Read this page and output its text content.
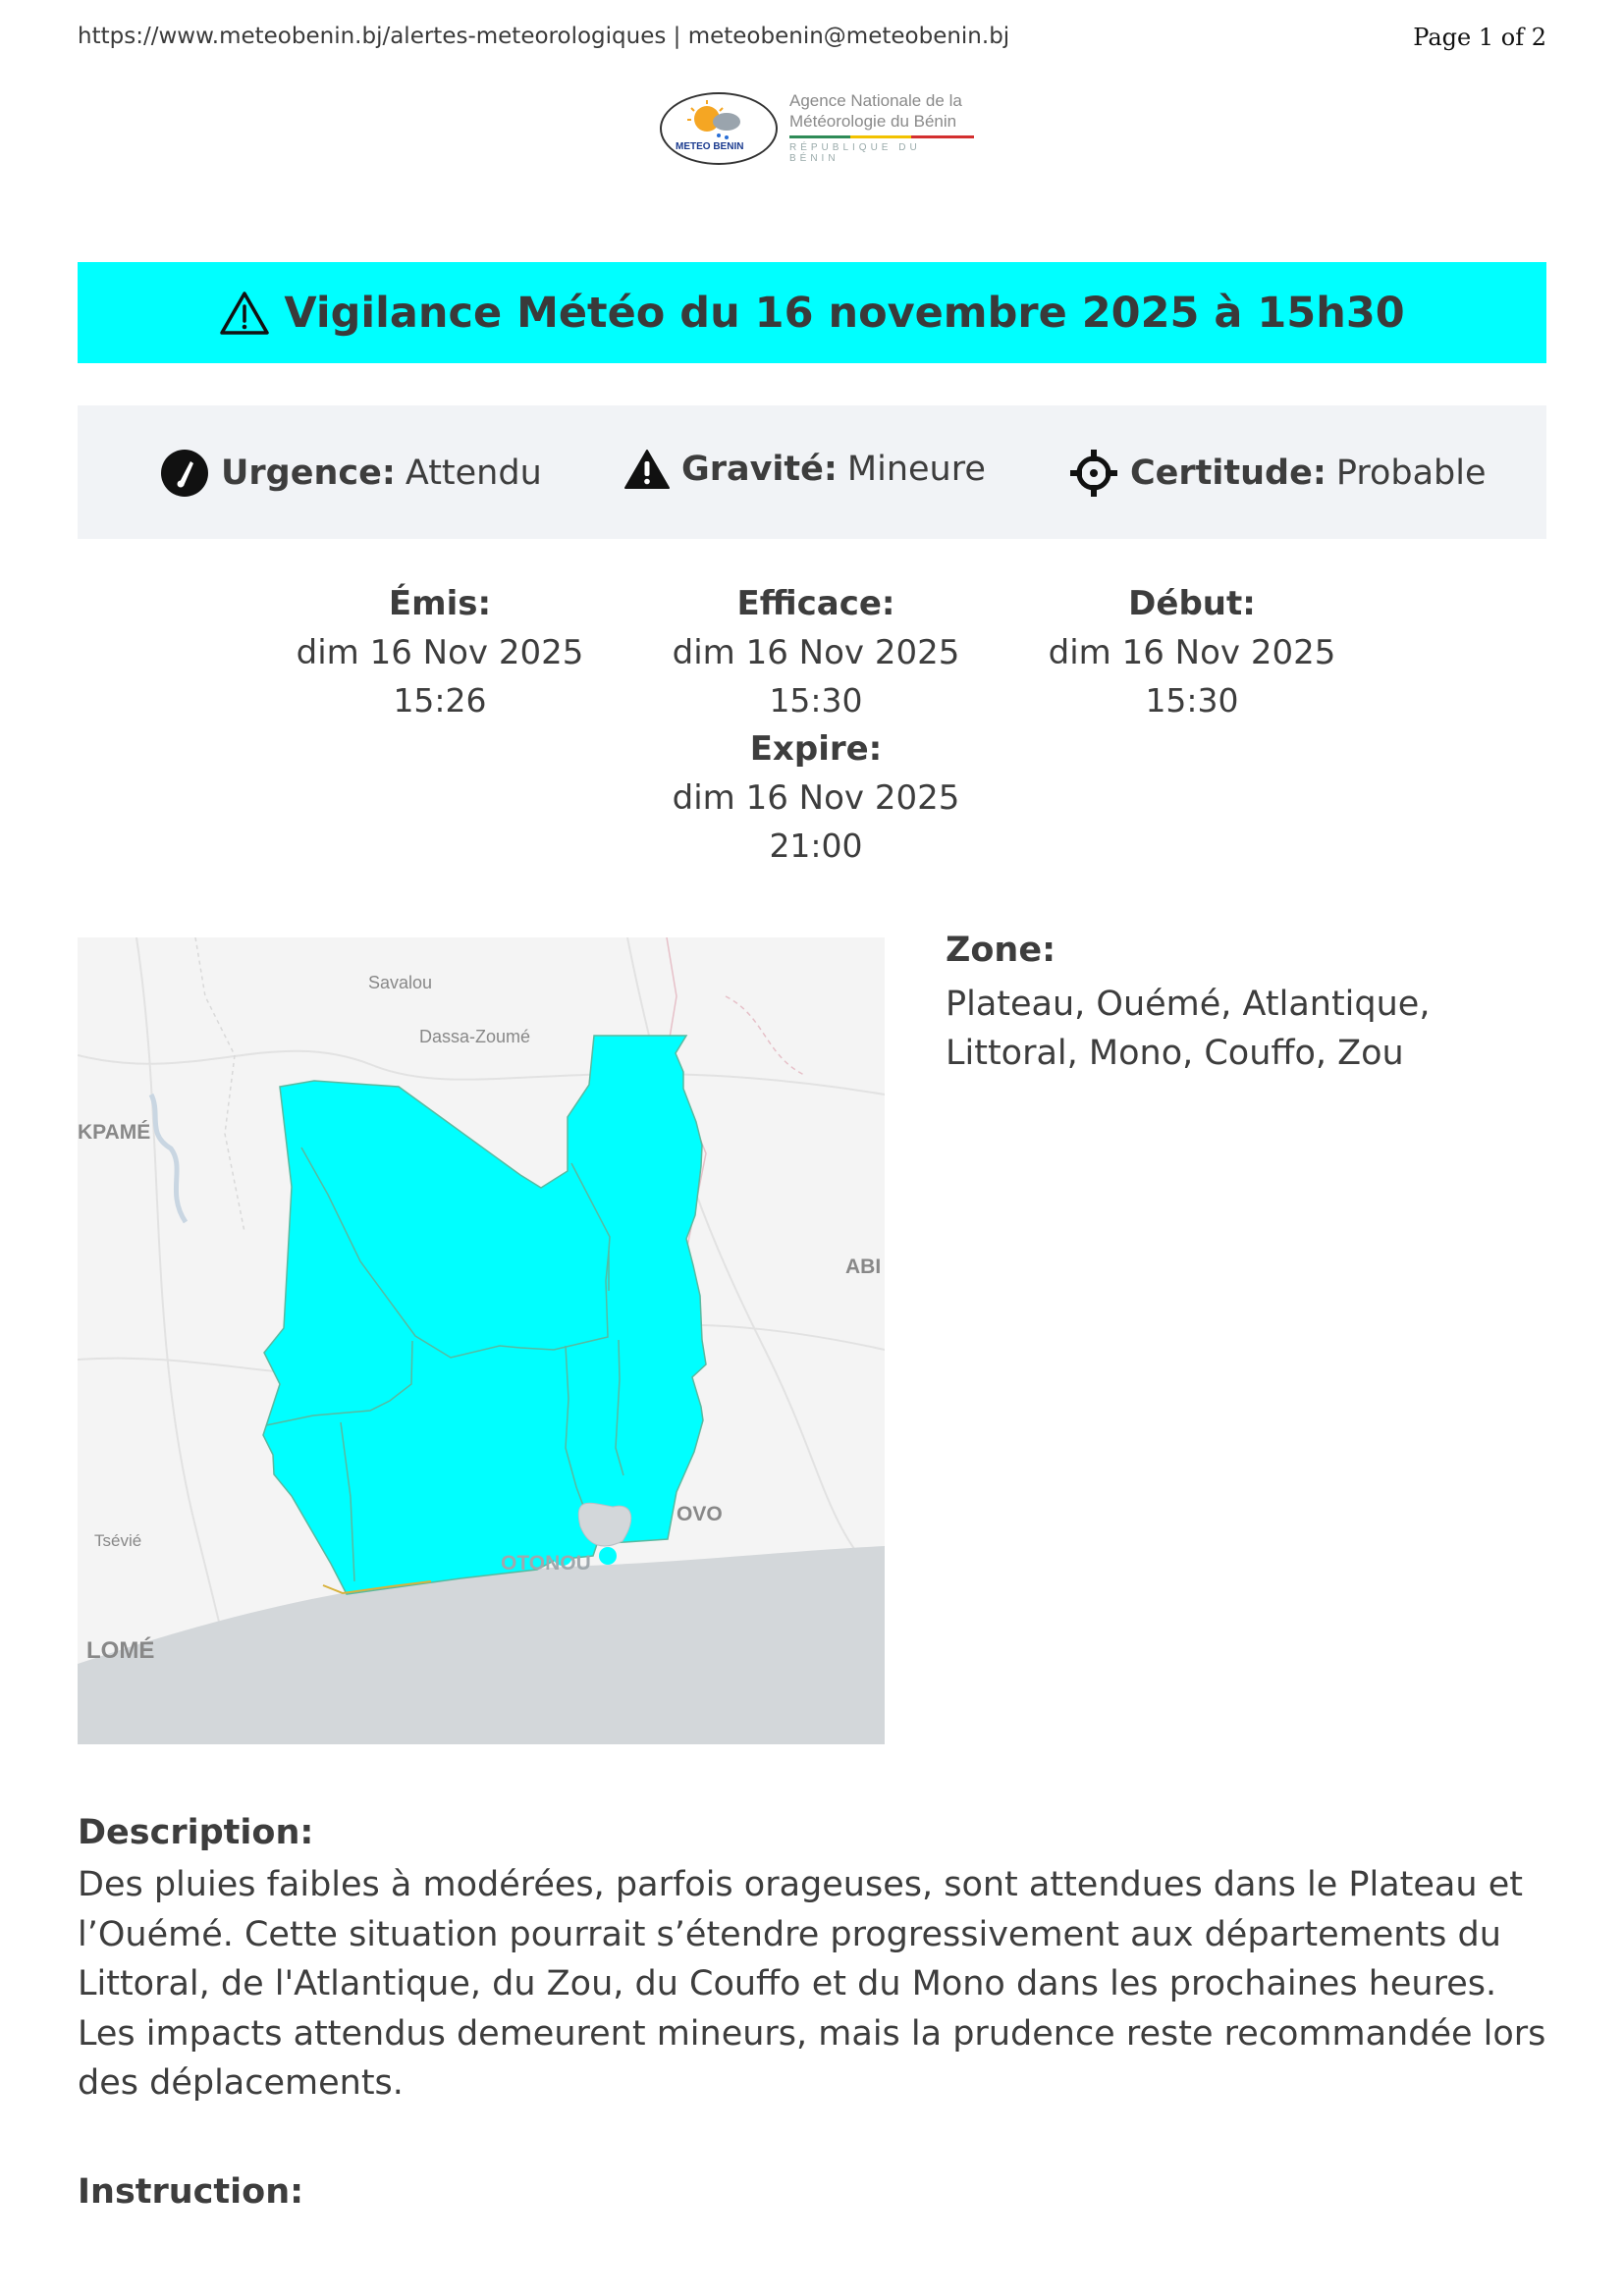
https://www.meteobenin.bj/alertes-meteorologiques | meteobenin@meteobenin.bj	Page 1 of 2
METEO BENIN
Agence Nationale de la
Météorologie du Bénin
RÉPUBLIQUE DU BÉNIN
Vigilance Météo du 16 novembre 2025 à 15h30
Urgence: Attendu	Gravité: Mineure	Certitude: Probable
Émis:
dim 16 Nov 2025
15:26
Efficace:
dim 16 Nov 2025
15:30
Expire:
dim 16 Nov 2025
21:00
Début:
dim 16 Nov 2025
15:30
Savalou
Dassa-Zoumé
KPAMÉ
ABI
Tsévié
LOMÉ
OVO
OTONOU
Zone:
Plateau, Ouémé, Atlantique, Littoral, Mono, Couffo, Zou
Description:
Des pluies faibles à modérées, parfois orageuses, sont attendues dans le Plateau et l’Ouémé. Cette situation pourrait s’étendre progressivement aux départements du Littoral, de l'Atlantique, du Zou, du Couffo et du Mono dans les prochaines heures. Les impacts attendus demeurent mineurs, mais la prudence reste recommandée lors des déplacements.
Instruction:
